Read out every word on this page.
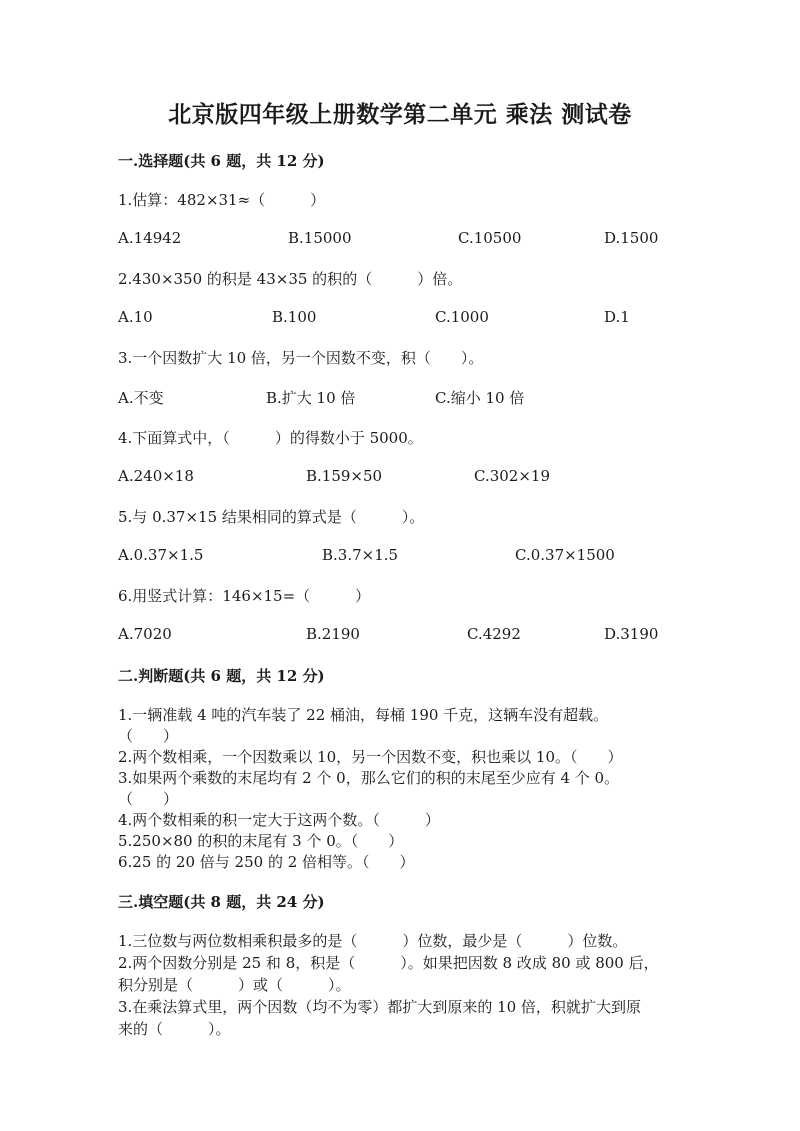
北京版四年级上册数学第二单元 乘法 测试卷
一.选择题(共 6 题，共 12 分)
1.估算：482×31≈（　　　）
A.14942	B.15000	C.10500	D.1500
2.430×350 的积是 43×35 的积的（　　　）倍。
A.10	B.100	C.1000	D.1
3.一个因数扩大 10 倍，另一个因数不变，积（　　）。
A.不变	B.扩大 10 倍	C.缩小 10 倍
4.下面算式中，（　　　）的得数小于 5000。
A.240×18	B.159×50	C.302×19
5.与 0.37×15 结果相同的算式是（　　　）。
A.0.37×1.5	B.3.7×1.5	C.0.37×1500
6.用竖式计算：146×15=（　　　）
A.7020	B.2190	C.4292	D.3190
二.判断题(共 6 题，共 12 分)
1.一辆准载 4 吨的汽车装了 22 桶油，每桶 190 千克，这辆车没有超载。
（　　）
2.两个数相乘，一个因数乘以 10，另一个因数不变，积也乘以 10。（　　）
3.如果两个乘数的末尾均有 2 个 0，那么它们的积的末尾至少应有 4 个 0。
（　　）
4.两个数相乘的积一定大于这两个数。（　　　）
5.250×80 的积的末尾有 3 个 0。（　　）
6.25 的 20 倍与 250 的 2 倍相等。（　　）
三.填空题(共 8 题，共 24 分)
1.三位数与两位数相乘积最多的是（　　　）位数，最少是（　　　）位数。
2.两个因数分别是 25 和 8，积是（　　　）。如果把因数 8 改成 80 或 800 后，
积分别是（　　　）或（　　　）。
3.在乘法算式里，两个因数（均不为零）都扩大到原来的 10 倍，积就扩大到原
来的（　　　）。
